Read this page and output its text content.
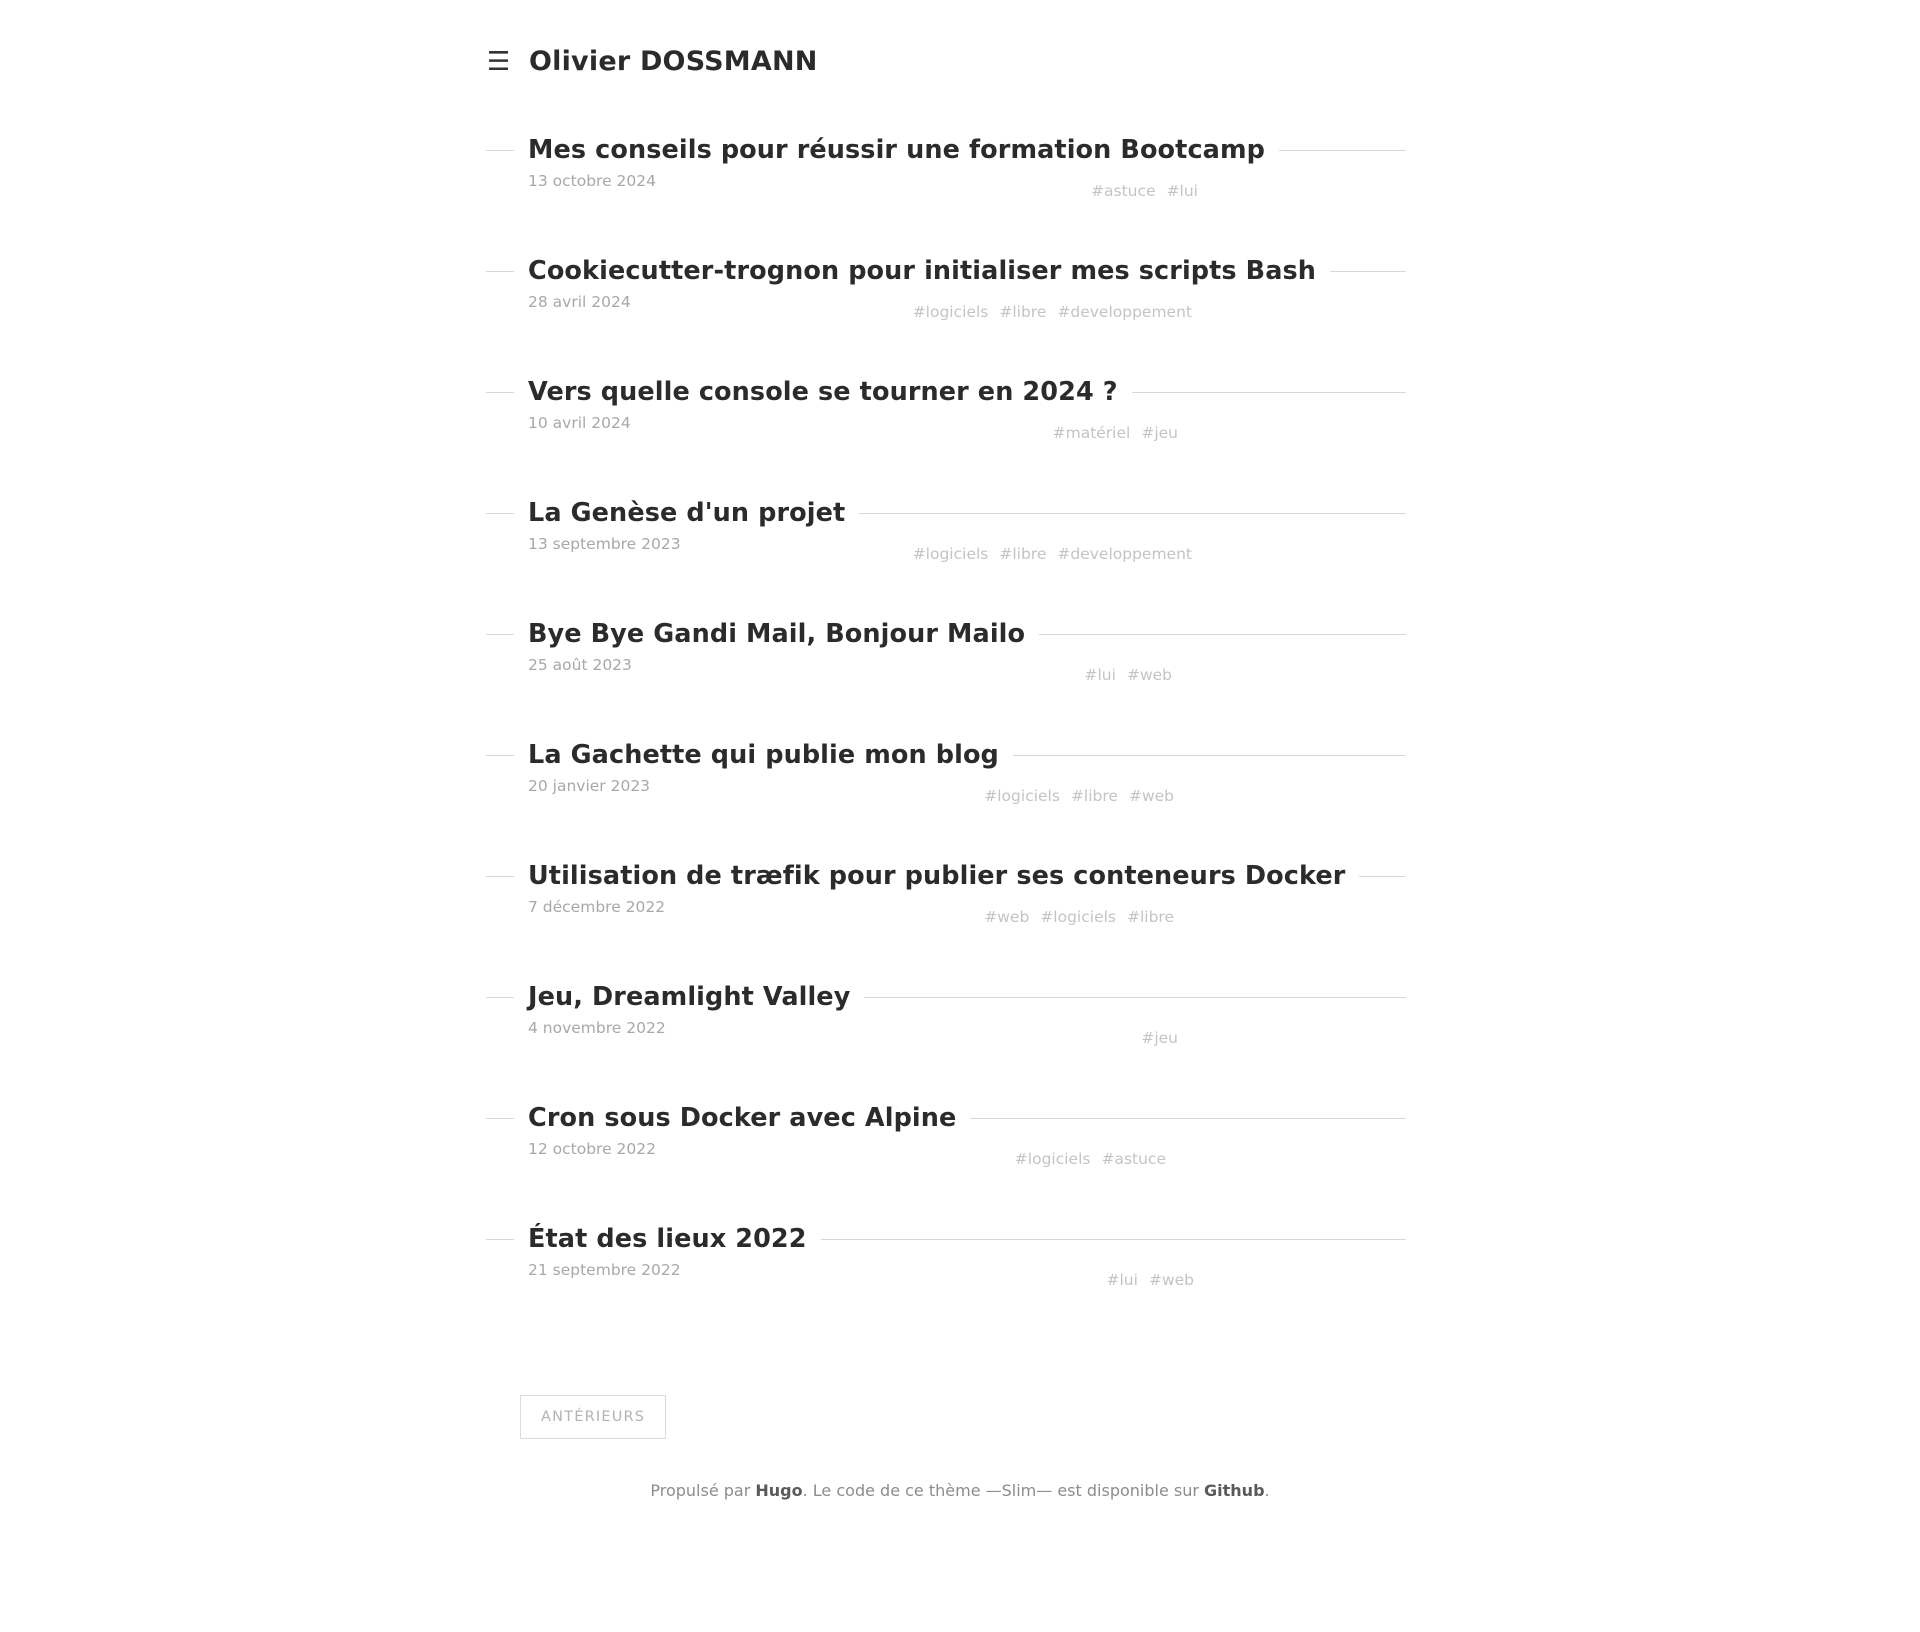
☰ Olivier DOSSMANN
Mes conseils pour réussir une formation Bootcamp
13 octobre 2024
#astuce #lui
Cookiecutter-trognon pour initialiser mes scripts Bash
28 avril 2024
#logiciels #libre #developpement
Vers quelle console se tourner en 2024 ?
10 avril 2024
#matériel #jeu
La Genèse d'un projet
13 septembre 2023
#logiciels #libre #developpement
Bye Bye Gandi Mail, Bonjour Mailo
25 août 2023
#lui #web
La Gachette qui publie mon blog
20 janvier 2023
#logiciels #libre #web
Utilisation de træfik pour publier ses conteneurs Docker
7 décembre 2022
#web #logiciels #libre
Jeu, Dreamlight Valley
4 novembre 2022
#jeu
Cron sous Docker avec Alpine
12 octobre 2022
#logiciels #astuce
État des lieux 2022
21 septembre 2022
#lui #web
ANTÉRIEURS
Propulsé par Hugo. Le code de ce thème —Slim— est disponible sur Github.
